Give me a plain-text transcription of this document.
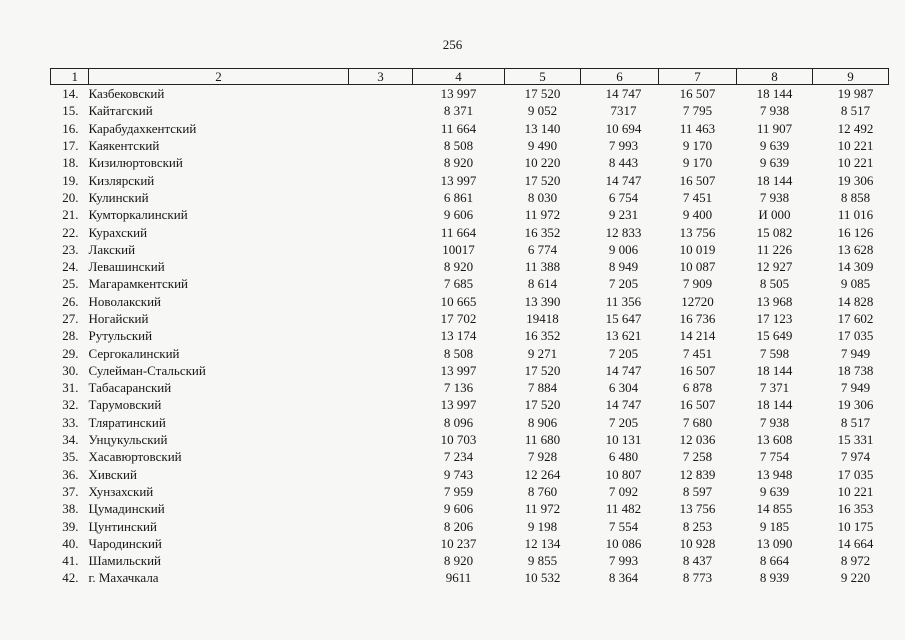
256
1	2	3	4	5	6	7	8	9
14.	Казбековский		13 997	17 520	14 747	16 507	18 144	19 987
15.	Кайтагский		8 371	9 052	7317	7 795	7 938	8 517
16.	Карабудахкентский		11 664	13 140	10 694	11 463	11 907	12 492
17.	Каякентский		8 508	9 490	7 993	9 170	9 639	10 221
18.	Кизилюртовский		8 920	10 220	8 443	9 170	9 639	10 221
19.	Кизлярский		13 997	17 520	14 747	16 507	18 144	19 306
20.	Кулинский		6 861	8 030	6 754	7 451	7 938	8 858
21.	Кумторкалинский		9 606	11 972	9 231	9 400	И 000	11 016
22.	Курахский		11 664	16 352	12 833	13 756	15 082	16 126
23.	Лакский		10017	6 774	9 006	10 019	11 226	13 628
24.	Левашинский		8 920	11 388	8 949	10 087	12 927	14 309
25.	Магарамкентский		7 685	8 614	7 205	7 909	8 505	9 085
26.	Новолакский		10 665	13 390	11 356	12720	13 968	14 828
27.	Ногайский		17 702	19418	15 647	16 736	17 123	17 602
28.	Рутульский		13 174	16 352	13 621	14 214	15 649	17 035
29.	Сергокалинский		8 508	9 271	7 205	7 451	7 598	7 949
30.	Сулейман-Стальский		13 997	17 520	14 747	16 507	18 144	18 738
31.	Табасаранский		7 136	7 884	6 304	6 878	7 371	7 949
32.	Тарумовский		13 997	17 520	14 747	16 507	18 144	19 306
33.	Тляратинский		8 096	8 906	7 205	7 680	7 938	8 517
34.	Унцукульский		10 703	11 680	10 131	12 036	13 608	15 331
35.	Хасавюртовский		7 234	7 928	6 480	7 258	7 754	7 974
36.	Хивский		9 743	12 264	10 807	12 839	13 948	17 035
37.	Хунзахский		7 959	8 760	7 092	8 597	9 639	10 221
38.	Цумадинский		9 606	11 972	11 482	13 756	14 855	16 353
39.	Цунтинский		8 206	9 198	7 554	8 253	9 185	10 175
40.	Чародинский		10 237	12 134	10 086	10 928	13 090	14 664
41.	Шамильский		8 920	9 855	7 993	8 437	8 664	8 972
42.	г. Махачкала		9611	10 532	8 364	8 773	8 939	9 220
